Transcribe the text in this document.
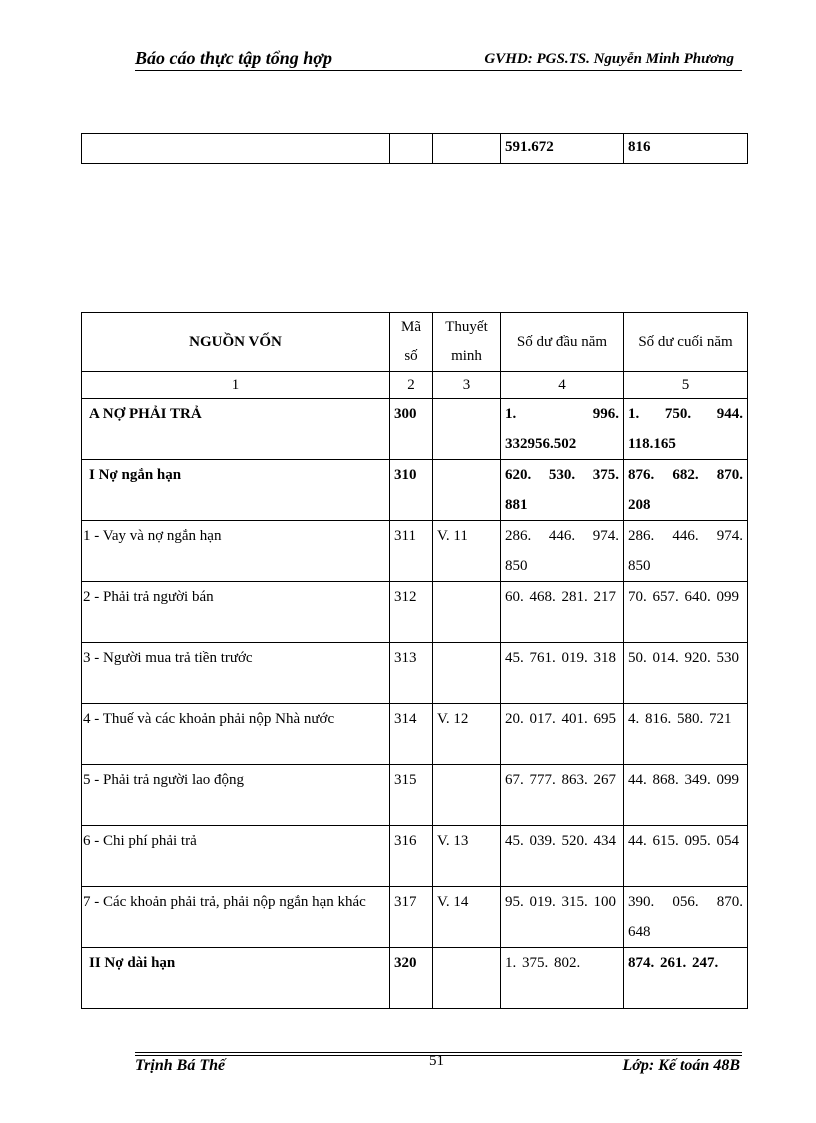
Báo cáo thực tập tổng hợp	GVHD: PGS.TS. Nguyễn Minh Phương
			591.672	816
NGUỒN VỐN	Mã số	Thuyết minh	Số dư đầu năm	Số dư cuối năm
1	2	3	4	5
A NỢ PHẢI TRẢ	300		1. 996. 332956.502	1. 750. 944. 118.165
I Nợ ngắn hạn	310		620. 530. 375. 881	876. 682. 870. 208
1 - Vay và nợ ngắn hạn	311	V. 11	286. 446. 974. 850	286. 446. 974. 850
2 - Phải trả người bán	312		60. 468. 281. 217	70. 657. 640. 099
3 - Người mua trả tiền trước	313		45. 761. 019. 318	50. 014. 920. 530
4 - Thuế và các khoản phải nộp Nhà nước	314	V. 12	20. 017. 401. 695	4. 816. 580. 721
5 - Phải trả người lao động	315		67. 777. 863. 267	44. 868. 349. 099
6 - Chi phí phải trả	316	V. 13	45. 039. 520. 434	44. 615. 095. 054
7 - Các khoản phải trả, phải nộp ngắn hạn khác	317	V. 14	95. 019. 315. 100	390. 056. 870. 648
II Nợ dài hạn	320		1. 375. 802.	874. 261. 247.
Trịnh Bá Thế	51	Lớp: Kế toán 48B
